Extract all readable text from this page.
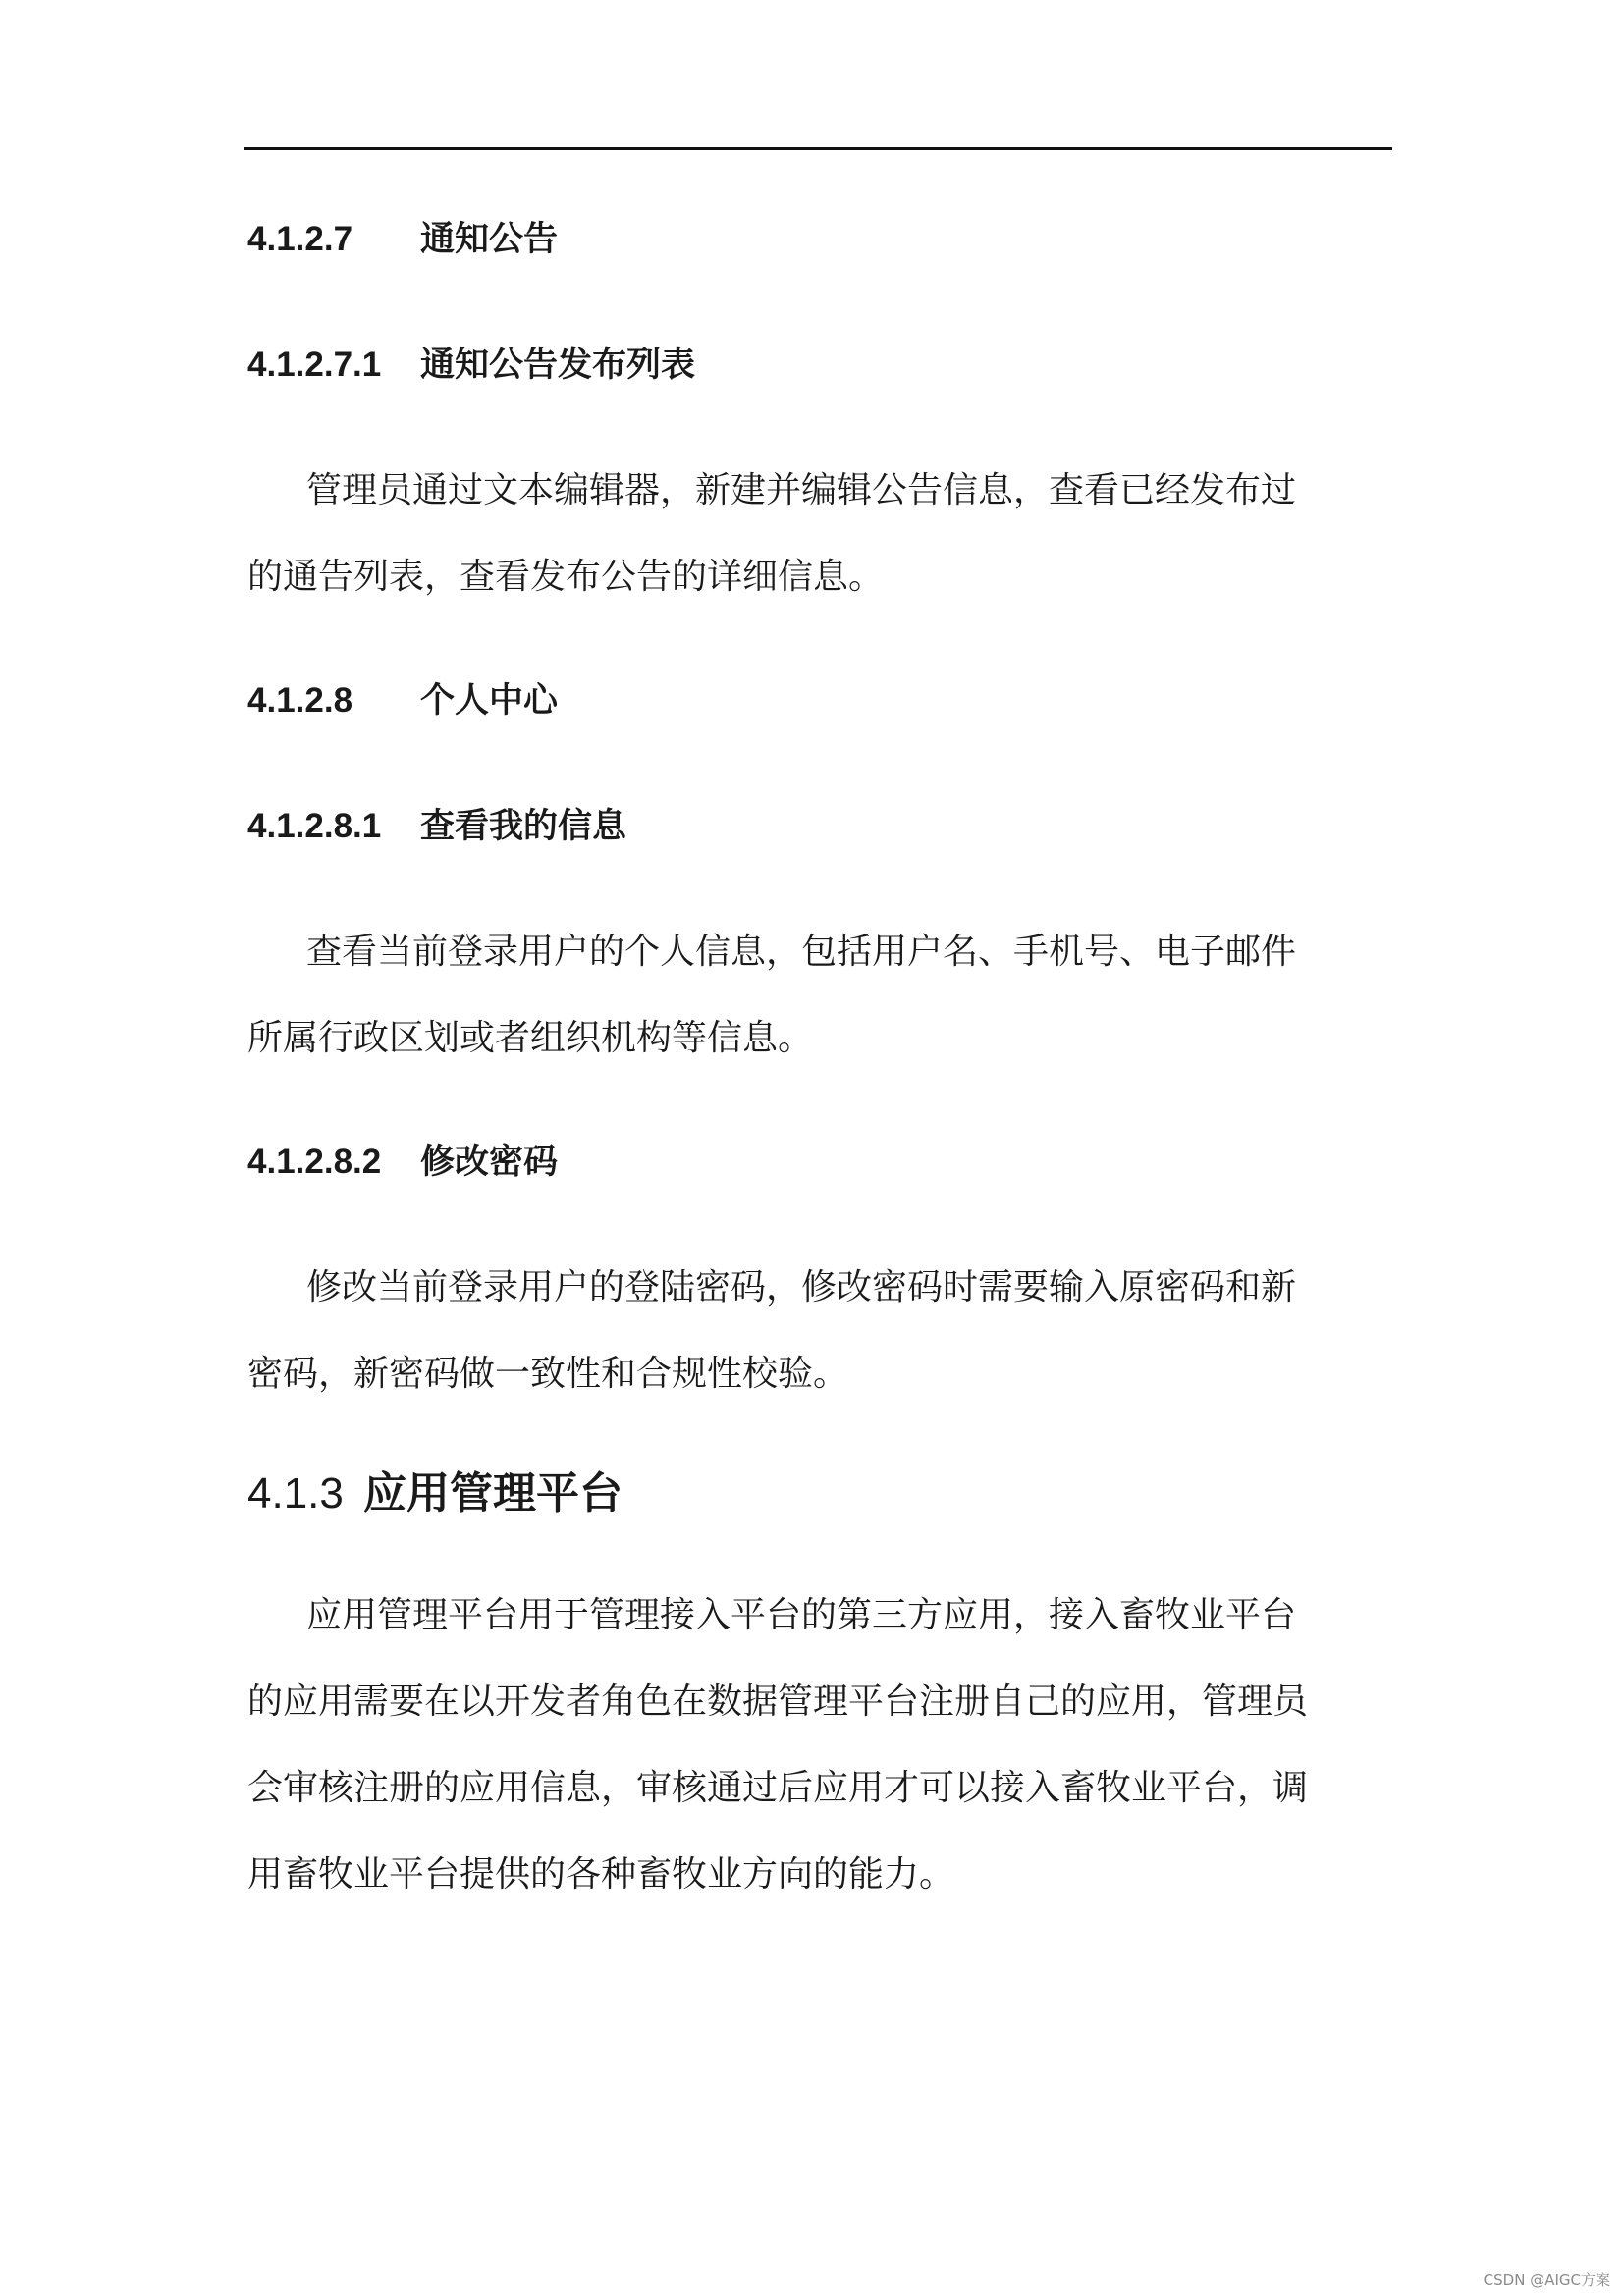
4.1.2.7 通知公告
4.1.2.7.1 通知公告发布列表
管理员通过文本编辑器，新建并编辑公告信息，查看已经发布过
的通告列表，查看发布公告的详细信息。
4.1.2.8 个人中心
4.1.2.8.1 查看我的信息
查看当前登录用户的个人信息，包括用户名、手机号、电子邮件
所属行政区划或者组织机构等信息。
4.1.2.8.2 修改密码
修改当前登录用户的登陆密码，修改密码时需要输入原密码和新
密码，新密码做一致性和合规性校验。
4.1.3 应用管理平台
应用管理平台用于管理接入平台的第三方应用，接入畜牧业平台
的应用需要在以开发者角色在数据管理平台注册自己的应用，管理员
会审核注册的应用信息，审核通过后应用才可以接入畜牧业平台，调
用畜牧业平台提供的各种畜牧业方向的能力。
CSDN @AIGC方案
